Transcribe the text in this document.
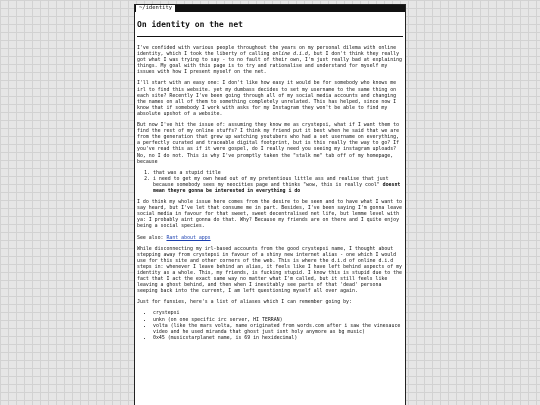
~/identity
On identity on the net

I've confided with various people throughout the years on my personal dilema with online identity, which I took the liberty of calling online d.i.d, but I don't think they really got what I was trying to say - to no fault of their own, I'm just really bad at explaining things. My goal with this page is to try and rationalise and understand for myself my issues with how I present myself on the net.

I'll start with an easy one: I don't like how easy it would be for somebody who knows me irl to find this website. yet my dumbass decides to set my username to the same thing on each site? Recently I've been going through all of my social media accounts and changing the names on all of them to something completely unrelated. This has helped, since now I know that if somebody I work with asks for my Instagram they won't be able to find my absolute upshot of a website.

But now I've hit the issue of: assuming they know me as crystepsi, what if I want them to find the rest of my online stuffs? I think my friend put it best when he said that we are from the generation that grew up watching youtubers who had a set username on everything, a perfectly curated and traceable digital footprint, but is this really the way to go? If you've read this as if it were gospel, do I really need you seeing my instagram uploads? No, no I do not. This is why I've promptly taken the "stalk me" tab off of my homepage, because

1. that was a stupid title
2. i need to get my own head out of my pretentious little ass and realise that just because somebody sees my neocities page and thinks "wow, this is really cool" doesnt mean theyre gonna be interested in everything i do

I do think my whole issue here comes from the desire to be seen and to have what I want to say heard, but I've let that consume me in part. Besides, I've been saying I'm gonna leave social media in favour for that sweet, sweet decentralised net life, but lemme level with ya: I probably aint gonna do that. Why? Because my friends are on there and I quite enjoy being a social species.

See also: Rant about apps

While disconnecting my irl-based accounts from the good crystepsi name, I thought about stepping away from crystepsi in favour of a shiny new internet alias - one which I would use for this site and other corners of the web. This is where the d.i.d of online d.i.d steps in: whenever I leave behind an alias, it feels like I have left behind aspects of my identity as a whole. This, my friends, is fucking stupid. I know this is stupid due to the fact that I act the exact same way no matter what I'm called, but it still feels like leaving a ghost behind, and then when I inevitably see parts of that 'dead' persona seeping back into the current, I am left questioning myself all over again.

Just for funsies, here's a list of aliases which I can remember going by:

• crystepsi
• unkn (on one specific irc server, HI TERRAN)
• volta (like the mars volta, name originated from words.com after i saw the vinesauce video and he used miranda that ghost just isnt holy anymore as bg music)
• 0x45 (musicstarplanet name, is 69 in hexidecimal)
